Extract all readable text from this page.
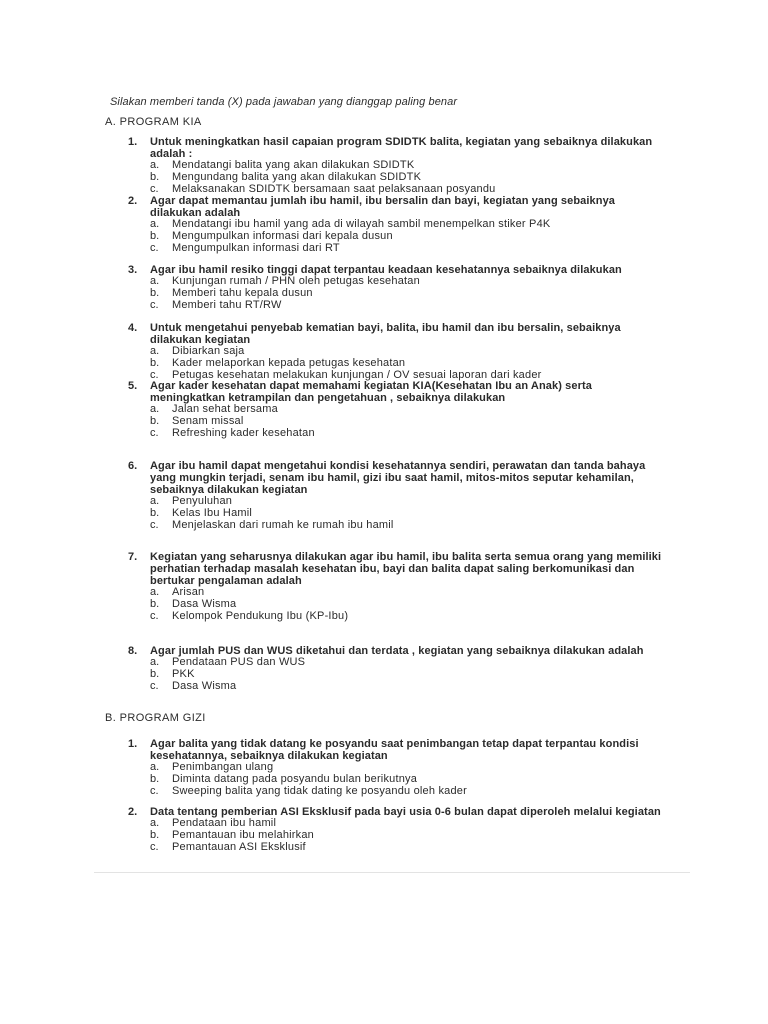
Silakan memberi tanda (X) pada jawaban yang dianggap paling benar
A. PROGRAM KIA
1.	Untuk meningkatkan hasil capaian program SDIDTK balita, kegiatan yang sebaiknya dilakukan adalah :
a.	Mendatangi balita yang akan dilakukan SDIDTK
b.	Mengundang balita yang akan dilakukan SDIDTK
c.	Melaksanakan SDIDTK bersamaan saat pelaksanaan posyandu
2.	Agar dapat memantau jumlah ibu hamil, ibu bersalin dan bayi, kegiatan yang sebaiknya dilakukan adalah
a.	Mendatangi ibu hamil yang ada di wilayah sambil menempelkan stiker P4K
b.	Mengumpulkan informasi dari kepala dusun
c.	Mengumpulkan informasi dari RT
3.	Agar ibu hamil resiko tinggi dapat terpantau keadaan kesehatannya sebaiknya dilakukan
a.	Kunjungan rumah / PHN oleh petugas kesehatan
b.	Memberi tahu kepala dusun
c.	Memberi tahu RT/RW
4.	Untuk mengetahui penyebab kematian bayi, balita, ibu hamil dan ibu bersalin, sebaiknya dilakukan kegiatan
a.	Dibiarkan saja
b.	Kader melaporkan kepada petugas kesehatan
c.	Petugas kesehatan melakukan kunjungan / OV sesuai laporan dari kader
5.	Agar kader kesehatan dapat memahami kegiatan KIA(Kesehatan Ibu an Anak) serta meningkatkan ketrampilan dan pengetahuan , sebaiknya dilakukan
a.	Jalan sehat bersama
b.	Senam missal
c.	Refreshing kader kesehatan
6.	Agar ibu hamil dapat mengetahui kondisi kesehatannya sendiri, perawatan dan tanda bahaya yang mungkin terjadi, senam ibu hamil, gizi ibu saat hamil, mitos-mitos seputar kehamilan, sebaiknya dilakukan kegiatan
a.	Penyuluhan
b.	Kelas Ibu Hamil
c.	Menjelaskan dari rumah ke rumah ibu hamil
7.	Kegiatan yang seharusnya dilakukan agar ibu hamil, ibu balita serta semua orang yang memiliki perhatian terhadap masalah kesehatan ibu, bayi dan balita dapat saling berkomunikasi dan bertukar pengalaman adalah
a.	Arisan
b.	Dasa Wisma
c.	Kelompok Pendukung Ibu (KP-Ibu)
8.	Agar jumlah PUS dan WUS diketahui dan terdata , kegiatan yang sebaiknya dilakukan adalah
a.	Pendataan PUS dan WUS
b.	PKK
c.	Dasa Wisma
B. PROGRAM GIZI
1.	Agar balita yang tidak datang ke posyandu saat penimbangan tetap dapat terpantau kondisi kesehatannya, sebaiknya dilakukan kegiatan
a.	Penimbangan ulang
b.	Diminta datang pada posyandu bulan berikutnya
c.	Sweeping balita yang tidak dating ke posyandu oleh kader
2.	Data tentang pemberian ASI Eksklusif pada bayi usia 0-6 bulan dapat diperoleh melalui kegiatan
a.	Pendataan ibu hamil
b.	Pemantauan ibu melahirkan
c.	Pemantauan ASI Eksklusif
